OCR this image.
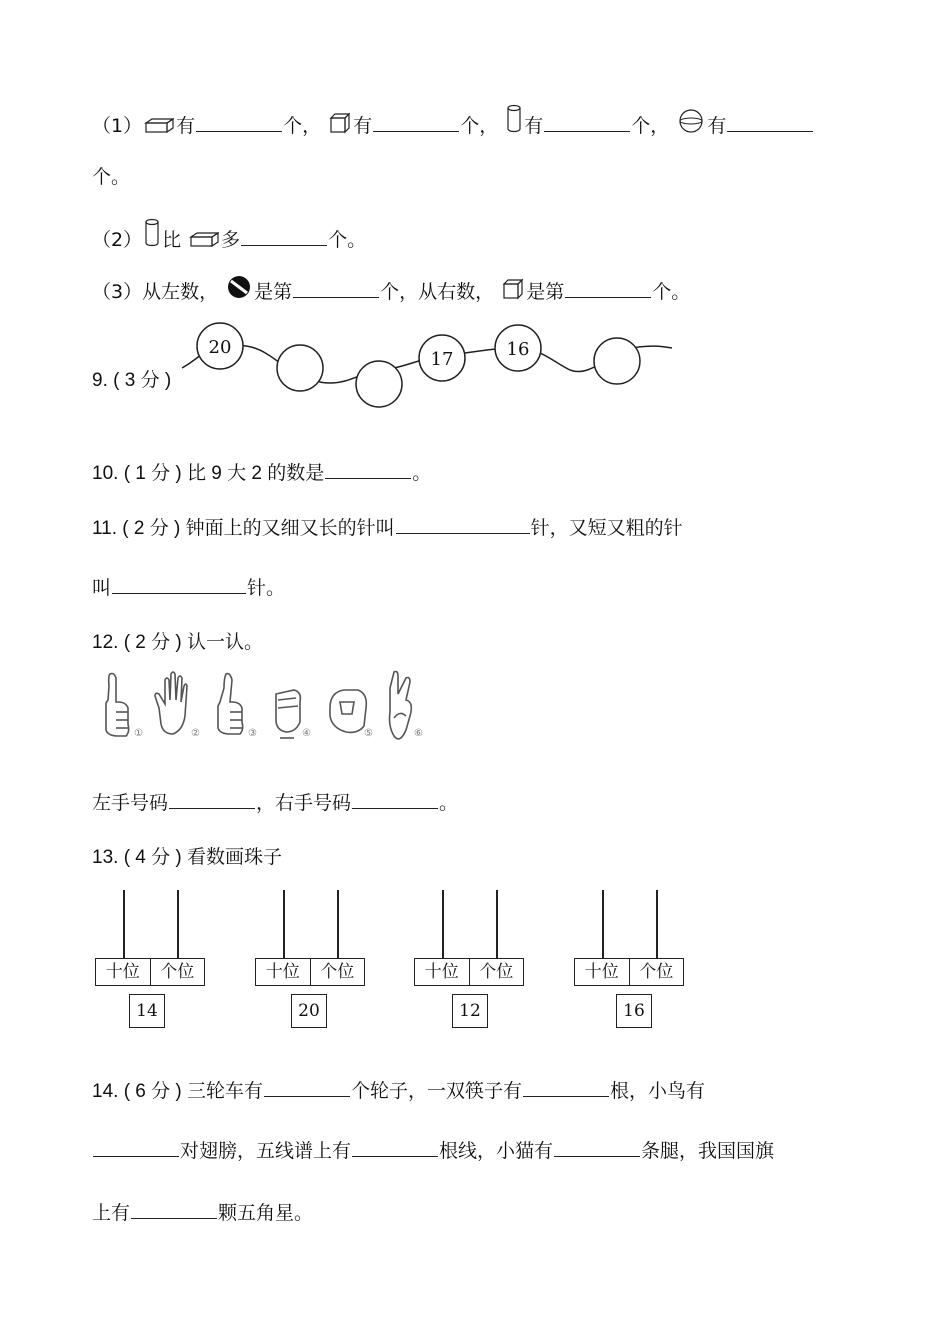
（1） 有	个， 有	个， 有	个， 有
个。
（2） 比 多	个。
（3）从左数， 是第	个，从右数， 是第	个。
9. ( 3 分 )
20
17	16
10. ( 1 分 ) 比 9 大 2 的数是	。
11. ( 2 分 ) 钟面上的又细又长的针叫	针，又短又粗的针
叫	针。
12. ( 2 分 ) 认一认。
①	②	③	④	⑤	⑥
左手号码	，右手号码	。
13. ( 4 分 ) 看数画珠子
十位	个位
14
十位	个位
20
十位	个位
12
十位	个位
16
14. ( 6 分 ) 三轮车有	个轮子，一双筷子有	根，小鸟有
对翅膀，五线谱上有	根线，小猫有	条腿，我国国旗
上有	颗五角星。
